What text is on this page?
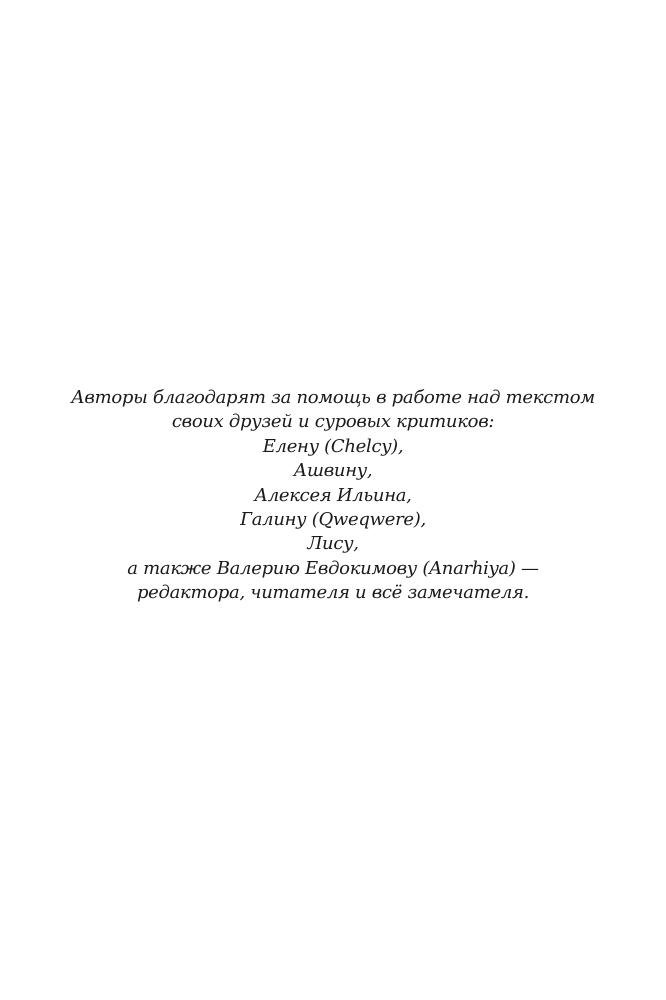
Авторы благодарят за помощь в работе над текстом
своих друзей и суровых критиков:
Елену (Chelcy),
Ашвину,
Алексея Ильина,
Галину (Qweqwere),
Лису,
а также Валерию Евдокимову (Anarhiya) —
редактора, читателя и всё замечателя.
